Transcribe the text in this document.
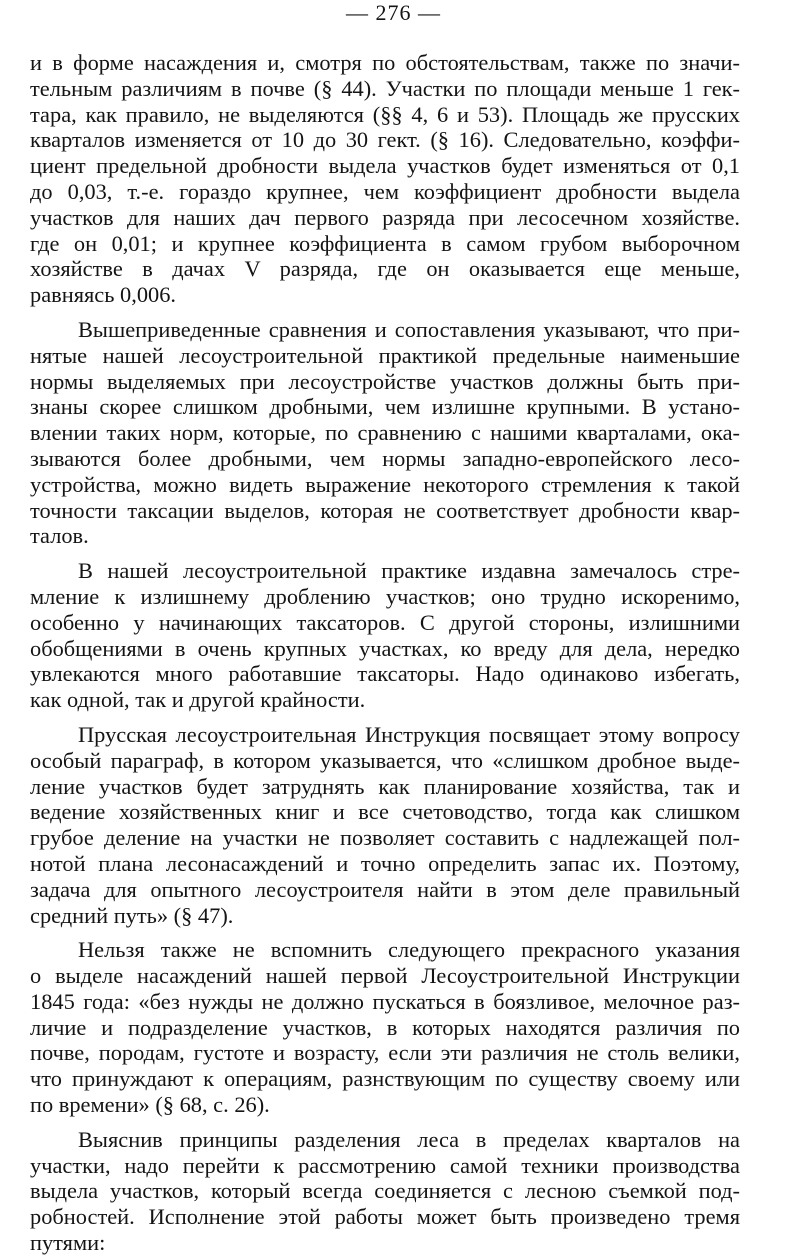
— 276 —
и в форме насаждения и, смотря по обстоятельствам, также по значи-
тельным различиям в почве (§ 44). Участки по площади меньше 1 гек-
тара, как правило, не выделяются (§§ 4, 6 и 53). Площадь же прусских
кварталов изменяется от 10 до 30 гект. (§ 16). Следовательно, коэффи-
циент предельной дробности выдела участков будет изменяться от 0,1
до 0,03, т.-е. гораздо крупнее, чем коэффициент дробности выдела
участков для наших дач первого разряда при лесосечном хозяйстве.
где он 0,01; и крупнее коэффициента в самом грубом выборочном
хозяйстве в дачах V разряда, где он оказывается еще меньше,
равняясь 0,006.
Вышеприведенные сравнения и сопоставления указывают, что при-
нятые нашей лесоустроительной практикой предельные наименьшие
нормы выделяемых при лесоустройстве участков должны быть при-
знаны скорее слишком дробными, чем излишне крупными. В устано-
влении таких норм, которые, по сравнению с нашими кварталами, ока-
зываются более дробными, чем нормы западно-европейского лесо-
устройства, можно видеть выражение некоторого стремления к такой
точности таксации выделов, которая не соответствует дробности квар-
талов.
В нашей лесоустроительной практике издавна замечалось стре-
мление к излишнему дроблению участков; оно трудно искоренимо,
особенно у начинающих таксаторов. С другой стороны, излишними
обобщениями в очень крупных участках, ко вреду для дела, нередко
увлекаются много работавшие таксаторы. Надо одинаково избегать,
как одной, так и другой крайности.
Прусская лесоустроительная Инструкция посвящает этому вопросу
особый параграф, в котором указывается, что «слишком дробное выде-
ление участков будет затруднять как планирование хозяйства, так и
ведение хозяйственных книг и все счетоводство, тогда как слишком
грубое деление на участки не позволяет составить с надлежащей пол-
нотой плана лесонасаждений и точно определить запас их. Поэтому,
задача для опытного лесоустроителя найти в этом деле правильный
средний путь» (§ 47).
Нельзя также не вспомнить следующего прекрасного указания
о выделе насаждений нашей первой Лесоустроительной Инструкции
1845 года: «без нужды не должно пускаться в боязливое, мелочное раз-
личие и подразделение участков, в которых находятся различия по
почве, породам, густоте и возрасту, если эти различия не столь велики,
что принуждают к операциям, разнствующим по существу своему или
по времени» (§ 68, с. 26).
Выяснив принципы разделения леса в пределах кварталов на
участки, надо перейти к рассмотрению самой техники производства
выдела участков, который всегда соединяется с лесною съемкой под-
робностей. Исполнение этой работы может быть произведено тремя
путями:
